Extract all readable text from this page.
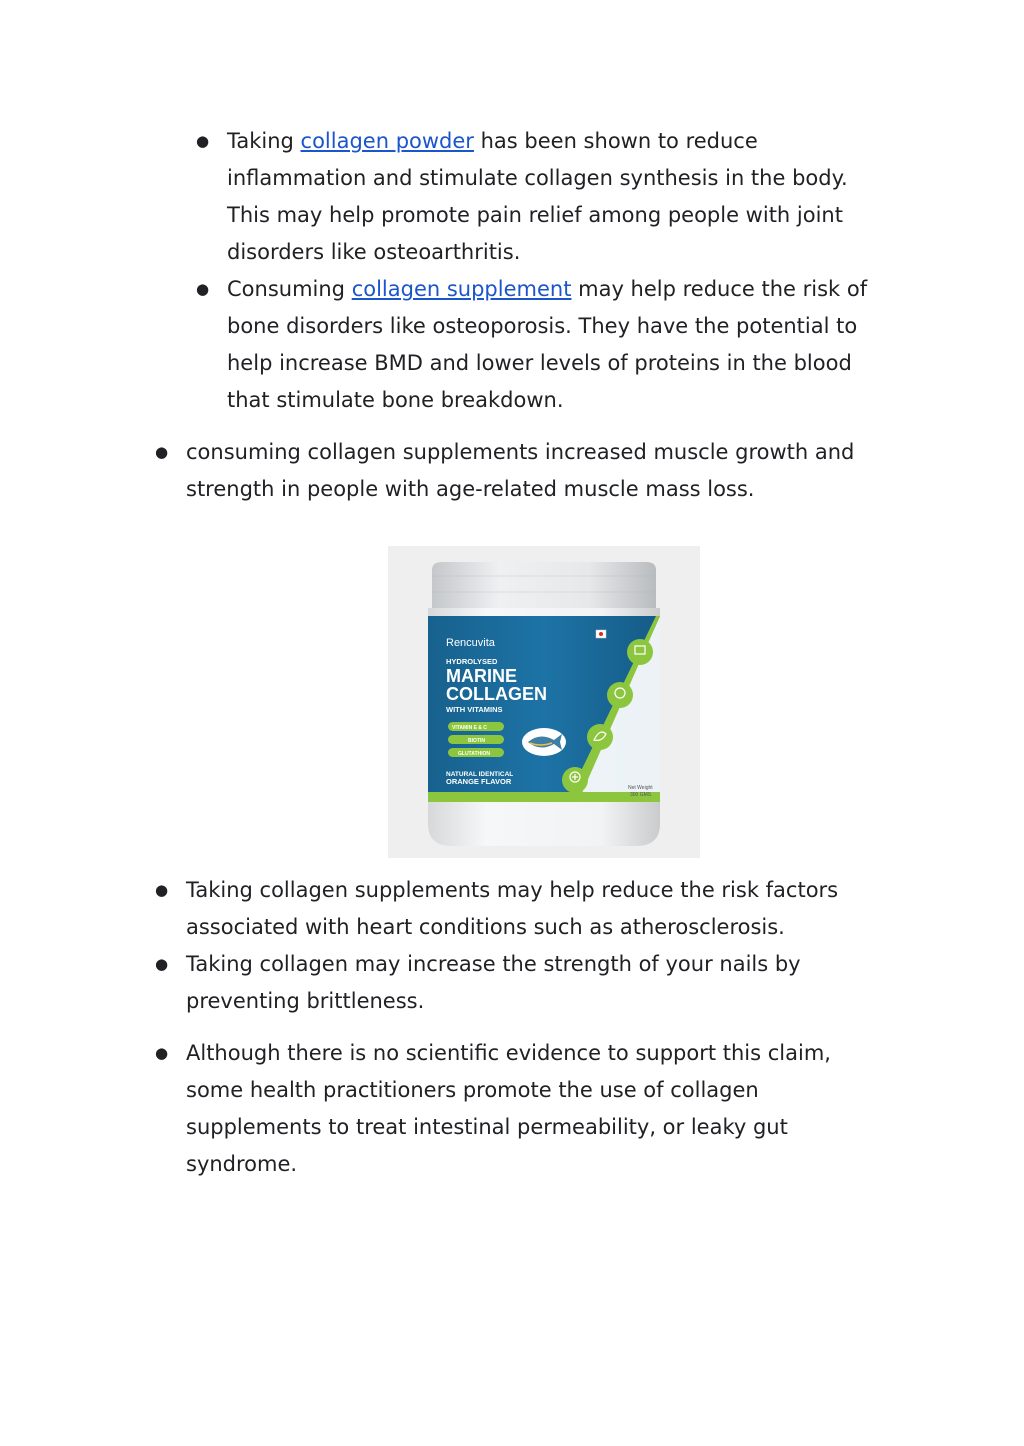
● Taking collagen powder has been shown to reduce inflammation and stimulate collagen synthesis in the body. This may help promote pain relief among people with joint disorders like osteoarthritis.
● Consuming collagen supplement may help reduce the risk of bone disorders like osteoporosis. They have the potential to help increase BMD and lower levels of proteins in the blood that stimulate bone breakdown.
● consuming collagen supplements increased muscle growth and strength in people with age-related muscle mass loss.
Rencuvita
HYDROLYSED
MARINE
COLLAGEN
WITH VITAMINS
VITAMIN E & C
BIOTIN
GLUTATHION
NATURAL IDENTICAL
ORANGE FLAVOR
Net Weight
300 GMS
● Taking collagen supplements may help reduce the risk factors associated with heart conditions such as atherosclerosis.
● Taking collagen may increase the strength of your nails by preventing brittleness.
● Although there is no scientific evidence to support this claim, some health practitioners promote the use of collagen supplements to treat intestinal permeability, or leaky gut syndrome.
